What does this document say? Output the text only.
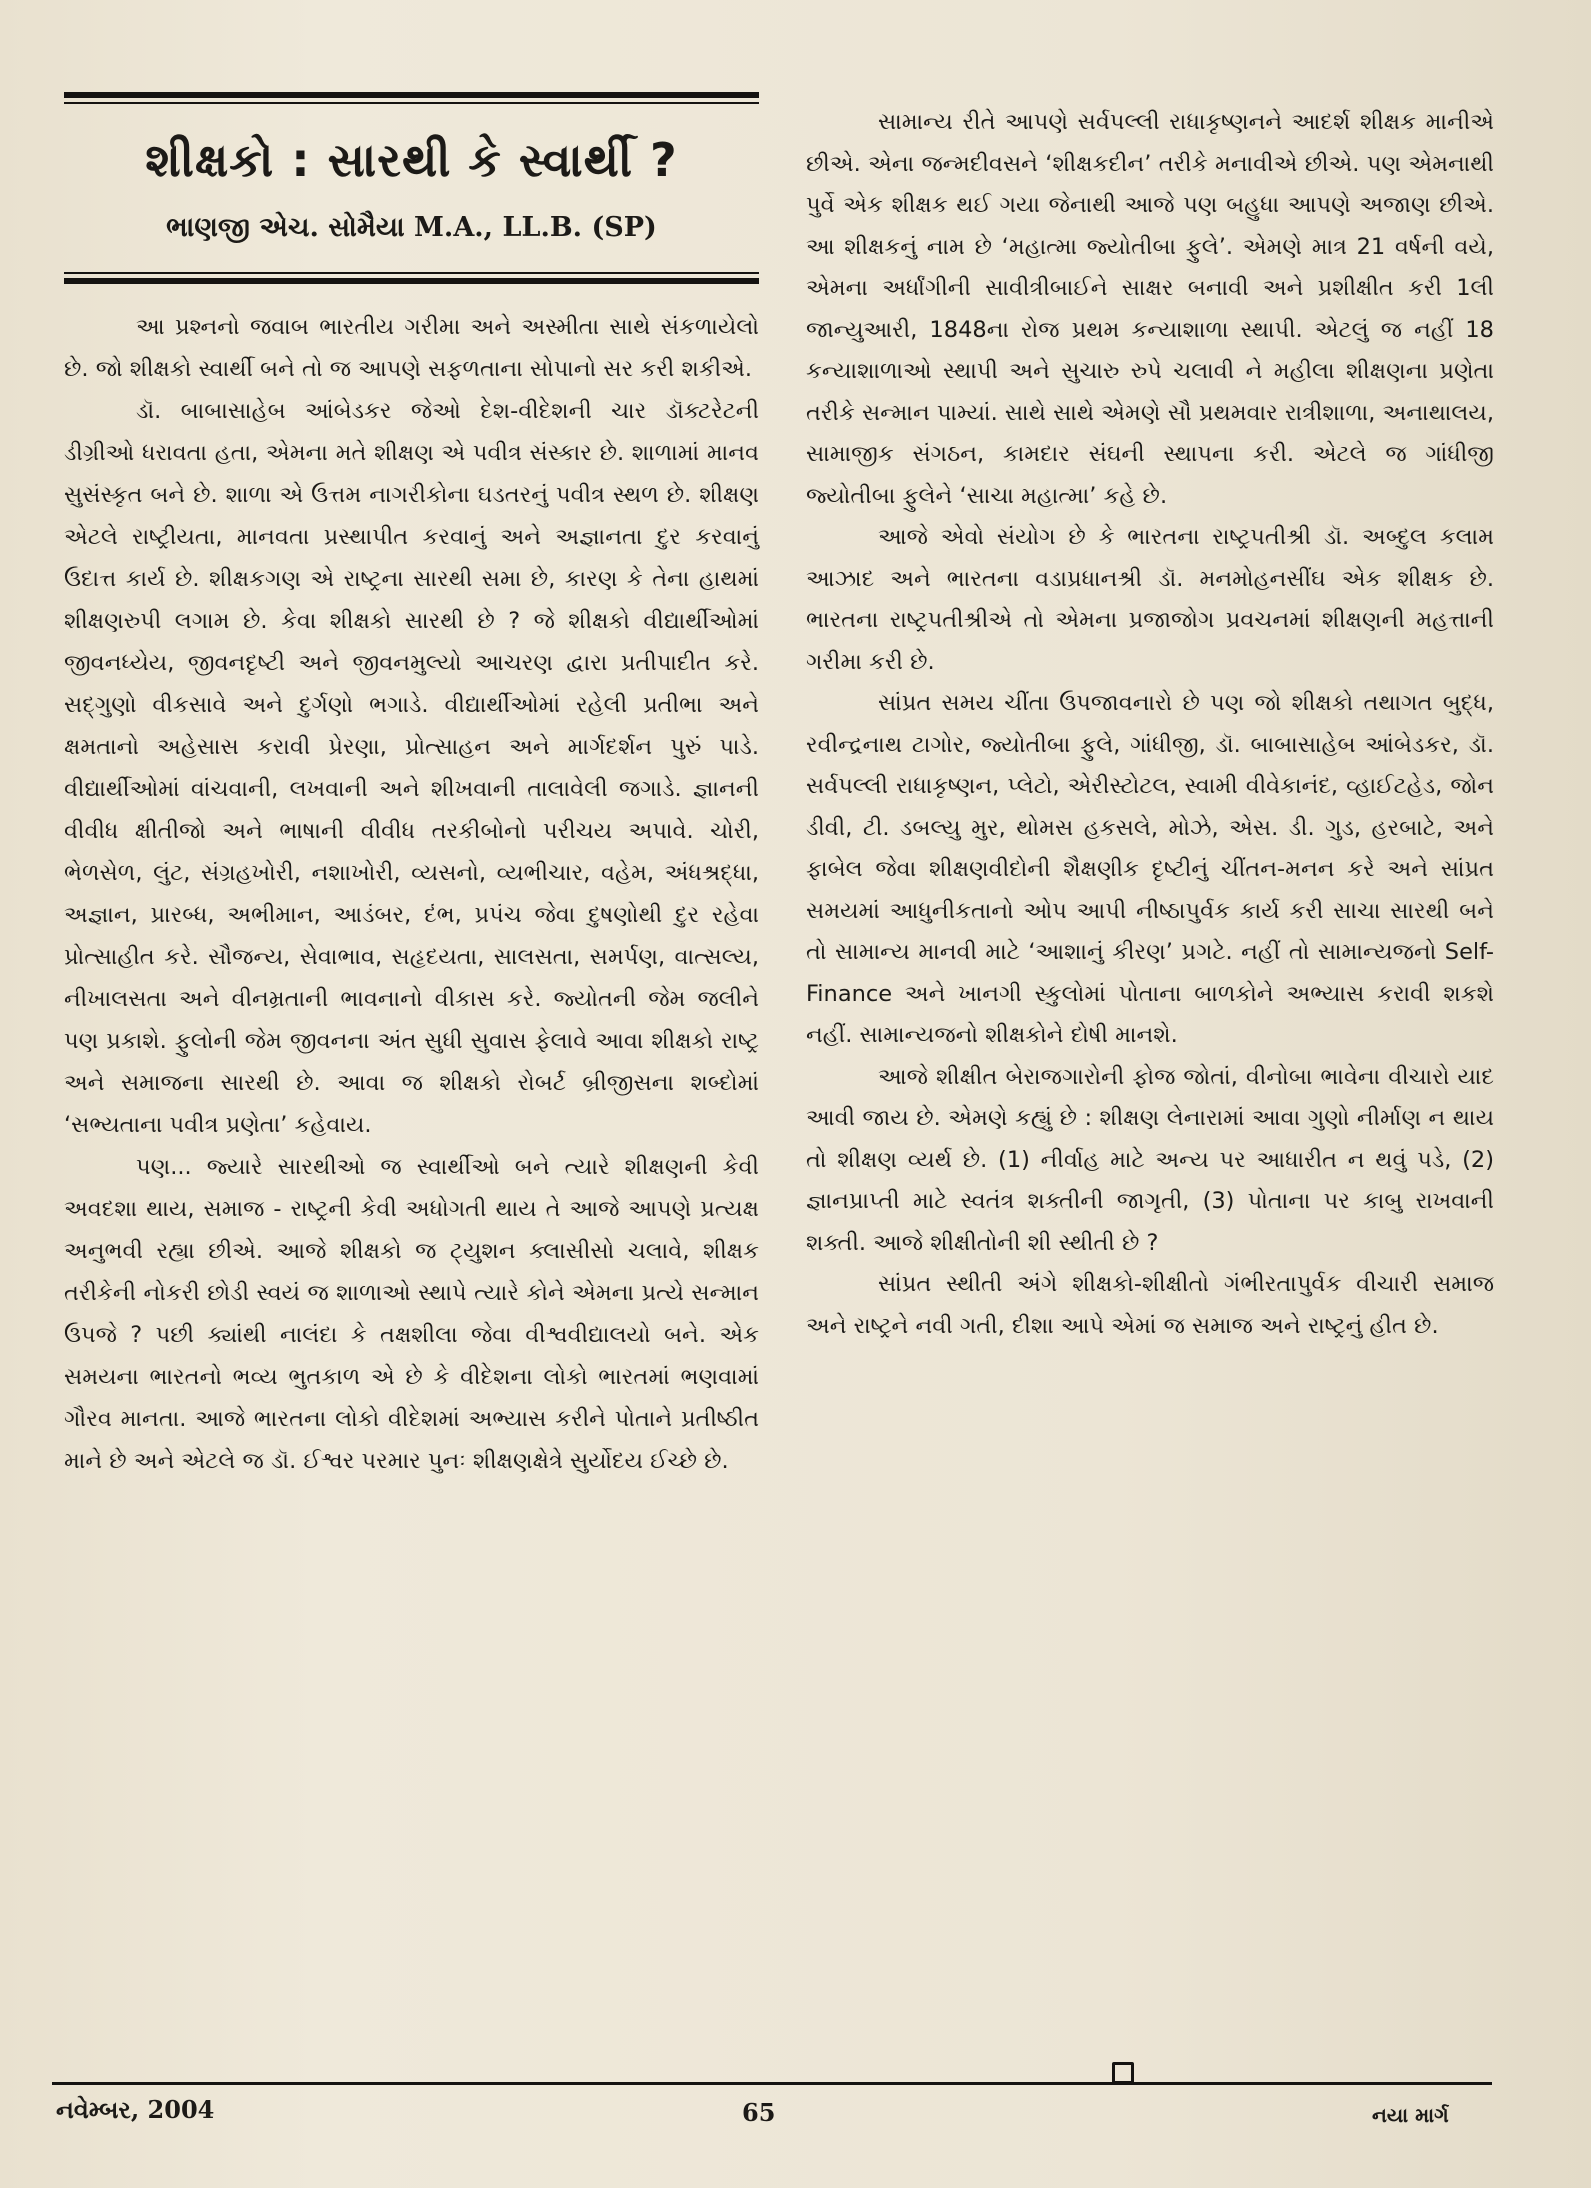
શીક્ષકો : સારથી કે સ્વાર્થી ?
ભાણજી એચ. સોમૈયા M.A., LL.B. (SP)

આ પ્રશ્નનો જવાબ ભારતીય ગરીમા અને અસ્મીતા સાથે સંકળાયેલો છે. જો શીક્ષકો સ્વાર્થી બને તો જ આપણે સફળતાના સોપાનો સર કરી શકીએ.

ડૉ. બાબાસાહેબ આંબેડકર જેઓ દેશ-વીદેશની ચાર ડૉક્ટરેટની ડીગ્રીઓ ધરાવતા હતા, એમના મતે શીક્ષણ એ પવીત્ર સંસ્કાર છે. શાળામાં માનવ સુસંસ્કૃત બને છે. શાળા એ ઉત્તમ નાગરીકોના ઘડતરનું પવીત્ર સ્થળ છે. શીક્ષણ એટલે રાષ્ટ્રીયતા, માનવતા પ્રસ્થાપીત કરવાનું અને અજ્ઞાનતા દુર કરવાનું ઉદાત્ત કાર્ય છે. શીક્ષકગણ એ રાષ્ટ્રના સારથી સમા છે, કારણ કે તેના હાથમાં શીક્ષણરુપી લગામ છે. કેવા શીક્ષકો સારથી છે ? જે શીક્ષકો વીદ્યાર્થીઓમાં જીવનધ્યેય, જીવનદૃષ્ટી અને જીવનમુલ્યો આચરણ દ્વારા પ્રતીપાદીત કરે. સદ્‌ગુણો વીકસાવે અને દુર્ગણો ભગાડે. વીદ્યાર્થીઓમાં રહેલી પ્રતીભા અને ક્ષમતાનો અહેસાસ કરાવી પ્રેરણા, પ્રોત્સાહન અને માર્ગદર્શન પુરું પાડે. વીદ્યાર્થીઓમાં વાંચવાની, લખવાની અને શીખવાની તાલાવેલી જગાડે. જ્ઞાનની વીવીધ ક્ષીતીજો અને ભાષાની વીવીધ તરકીબોનો પરીચય અપાવે. ચોરી, ભેળસેળ, લુંટ, સંગ્રહખોરી, નશાખોરી, વ્યસનો, વ્યભીચાર, વહેમ, અંધશ્રદ્ધા, અજ્ઞાન, પ્રારબ્ધ, અભીમાન, આડંબર, દંભ, પ્રપંચ જેવા દુષણોથી દુર રહેવા પ્રોત્સાહીત કરે. સૌજન્ય, સેવાભાવ, સહૃદયતા, સાલસતા, સમર્પણ, વાત્સલ્ય, નીખાલસતા અને વીનમ્રતાની ભાવનાનો વીકાસ કરે. જ્યોતની જેમ જલીને પણ પ્રકાશે. ફુલોની જેમ જીવનના અંત સુધી સુવાસ ફેલાવે આવા શીક્ષકો રાષ્ટ્ર અને સમાજના સારથી છે. આવા જ શીક્ષકો રોબર્ટ બ્રીજીસના શબ્દોમાં ‘સભ્યતાના પવીત્ર પ્રણેતા’ કહેવાય.

પણ... જ્યારે સારથીઓ જ સ્વાર્થીઓ બને ત્યારે શીક્ષણની કેવી અવદશા થાય, સમાજ - રાષ્ટ્રની કેવી અધોગતી થાય તે આજે આપણે પ્રત્યક્ષ અનુભવી રહ્યા છીએ. આજે શીક્ષકો જ ટ્યુશન ક્લાસીસો ચલાવે, શીક્ષક તરીકેની નોકરી છોડી સ્વયં જ શાળાઓ સ્થાપે ત્યારે કોને એમના પ્રત્યે સન્માન ઉપજે ? પછી ક્યાંથી નાલંદા કે તક્ષશીલા જેવા વીશ્વવીદ્યાલયો બને. એક સમયના ભારતનો ભવ્ય ભુતકાળ એ છે કે વીદેશના લોકો ભારતમાં ભણવામાં ગૌરવ માનતા. આજે ભારતના લોકો વીદેશમાં અભ્યાસ કરીને પોતાને પ્રતીષ્ઠીત માને છે અને એટલે જ ડૉ. ઈશ્વર પરમાર પુનઃ શીક્ષણક્ષેત્રે સુર્યોદય ઈચ્છે છે.

સામાન્ય રીતે આપણે સર્વપલ્લી રાધાકૃષ્ણનને આદર્શ શીક્ષક માનીએ છીએ. એના જન્મદીવસને ‘શીક્ષકદીન’ તરીકે મનાવીએ છીએ. પણ એમનાથી પુર્વે એક શીક્ષક થઈ ગયા જેનાથી આજે પણ બહુધા આપણે અજાણ છીએ. આ શીક્ષકનું નામ છે ‘મહાત્મા જ્યોતીબા ફુલે’. એમણે માત્ર 21 વર્ષની વયે, એમના અર્ધાંગીની સાવીત્રીબાઈને સાક્ષર બનાવી અને પ્રશીક્ષીત કરી 1લી જાન્યુઆરી, 1848ના રોજ પ્રથમ કન્યાશાળા સ્થાપી. એટલું જ નહીં 18 કન્યાશાળાઓ સ્થાપી અને સુચારુ રુપે ચલાવી ને મહીલા શીક્ષણના પ્રણેતા તરીકે સન્માન પામ્યાં. સાથે સાથે એમણે સૌ પ્રથમવાર રાત્રીશાળા, અનાથાલય, સામાજીક સંગઠન, કામદાર સંઘની સ્થાપના કરી. એટલે જ ગાંધીજી જ્યોતીબા ફુલેને ‘સાચા મહાત્મા’ કહે છે.

આજે એવો સંયોગ છે કે ભારતના રાષ્ટ્રપતીશ્રી ડૉ. અબ્દુલ કલામ આઝાદ અને ભારતના વડાપ્રધાનશ્રી ડૉ. મનમોહનસીંઘ એક શીક્ષક છે. ભારતના રાષ્ટ્રપતીશ્રીએ તો એમના પ્રજાજોગ પ્રવચનમાં શીક્ષણની મહત્તાની ગરીમા કરી છે.

સાંપ્રત સમય ચીંતા ઉપજાવનારો છે પણ જો શીક્ષકો તથાગત બુદ્ધ, રવીન્દ્રનાથ ટાગોર, જ્યોતીબા ફુલે, ગાંધીજી, ડૉ. બાબાસાહેબ આંબેડકર, ડૉ. સર્વપલ્લી રાધાકૃષ્ણન, પ્લેટો, એરીસ્ટોટલ, સ્વામી વીવેકાનંદ, વ્હાઈટહેડ, જોન ડીવી, ટી. ડબલ્યુ મુર, થોમસ હકસલે, મોઝે, એસ. ડી. ગુડ, હરબાટે, અને ફાબેલ જેવા શીક્ષણવીદોની શૈક્ષણીક દૃષ્ટીનું ચીંતન-મનન કરે અને સાંપ્રત સમયમાં આધુનીકતાનો ઓપ આપી નીષ્ઠાપુર્વક કાર્ય કરી સાચા સારથી બને તો સામાન્ય માનવી માટે ‘આશાનું કીરણ’ પ્રગટે. નહીં તો સામાન્યજનો Self- Finance અને ખાનગી સ્કુલોમાં પોતાના બાળકોને અભ્યાસ કરાવી શકશે નહીં. સામાન્યજનો શીક્ષકોને દોષી માનશે.

આજે શીક્ષીત બેરાજગારોની ફોજ જોતાં, વીનોબા ભાવેના વીચારો યાદ આવી જાય છે. એમણે કહ્યું છે : શીક્ષણ લેનારામાં આવા ગુણો નીર્માણ ન થાય તો શીક્ષણ વ્યર્થ છે. (1) નીર્વાહ માટે અન્ય પર આધારીત ન થવું પડે, (2) જ્ઞાનપ્રાપ્તી માટે સ્વતંત્ર શક્તીની જાગૃતી, (3) પોતાના પર કાબુ રાખવાની શક્તી. આજે શીક્ષીતોની શી સ્થીતી છે ?

સાંપ્રત સ્થીતી અંગે શીક્ષકો-શીક્ષીતો ગંભીરતાપુર્વક વીચારી સમાજ અને રાષ્ટ્રને નવી ગતી, દીશા આપે એમાં જ સમાજ અને રાષ્ટ્રનું હીત છે.

નવેમ્બર, 2004	65	નયા માર્ગ
